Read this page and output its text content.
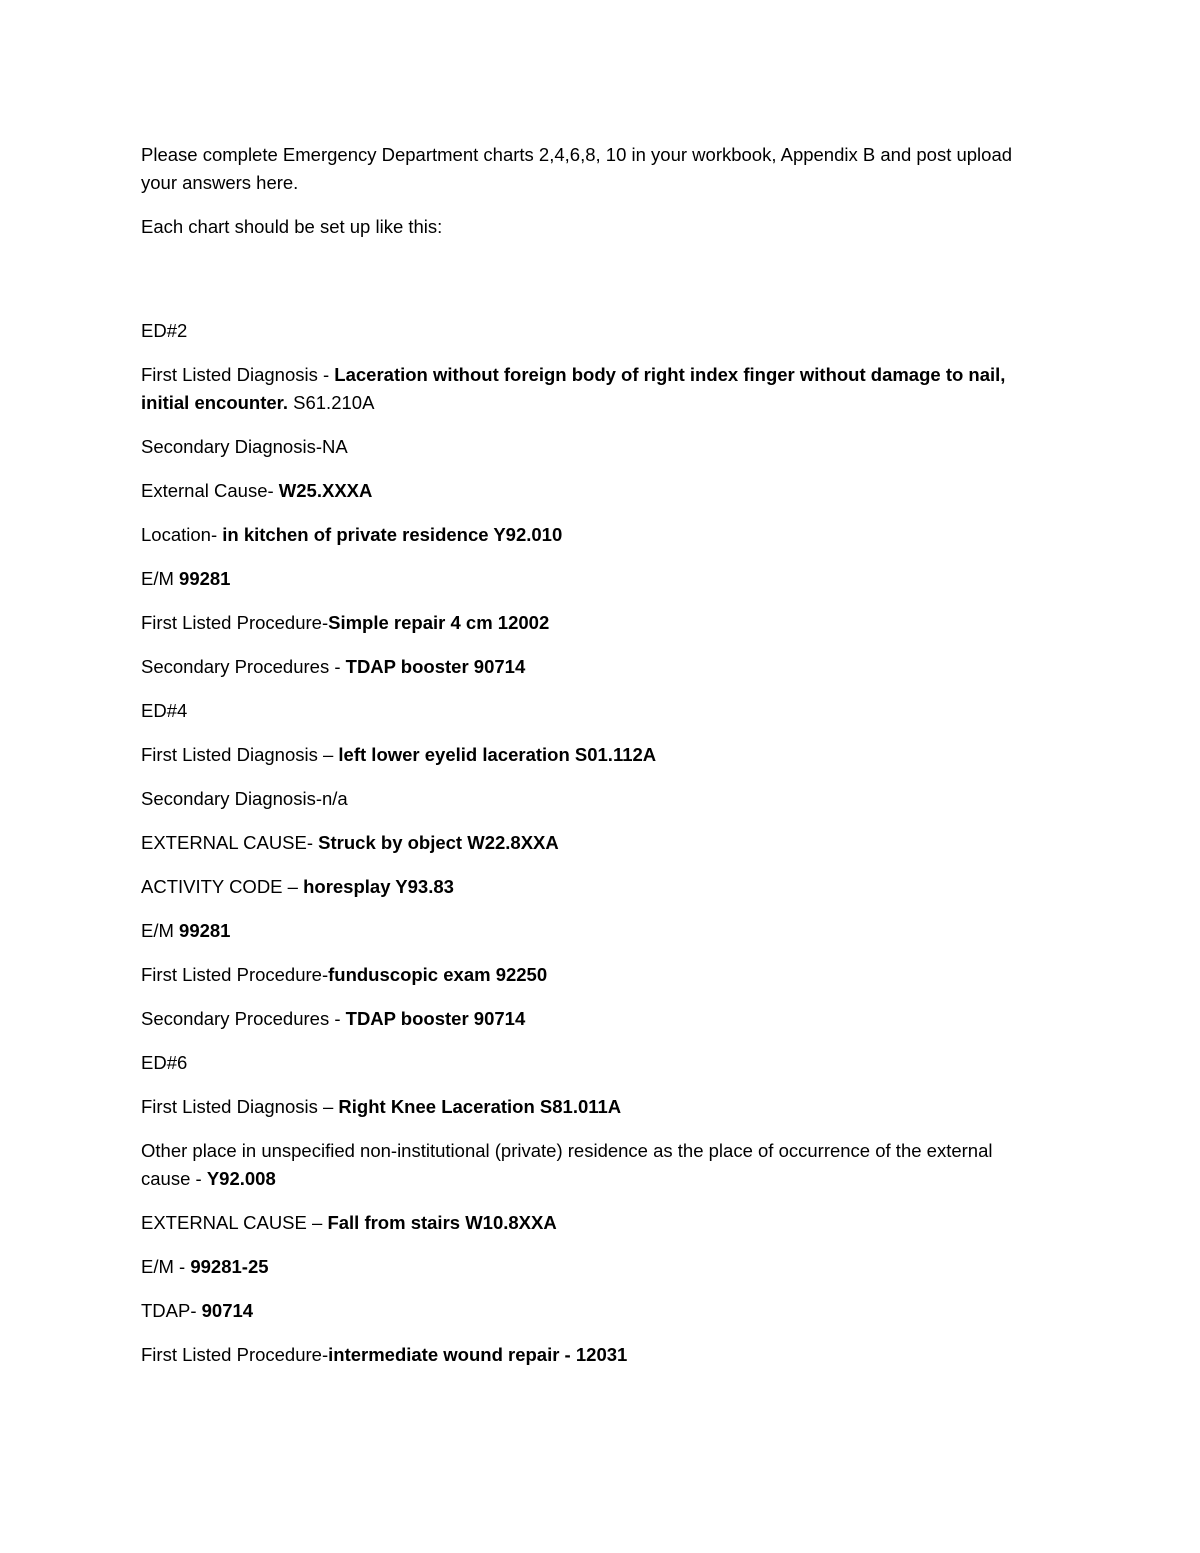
Please complete Emergency Department charts 2,4,6,8, 10 in your workbook, Appendix B and post upload your answers here.

Each chart should be set up like this:

ED#2

First Listed Diagnosis - Laceration without foreign body of right index finger without damage to nail, initial encounter. S61.210A

Secondary Diagnosis-NA

External Cause- W25.XXXA

Location- in kitchen of private residence Y92.010

E/M 99281

First Listed Procedure-Simple repair 4 cm 12002

Secondary Procedures - TDAP booster 90714

ED#4

First Listed Diagnosis – left lower eyelid laceration S01.112A

Secondary Diagnosis-n/a

EXTERNAL CAUSE- Struck by object W22.8XXA

ACTIVITY CODE – horesplay Y93.83

E/M 99281

First Listed Procedure-funduscopic exam 92250

Secondary Procedures - TDAP booster 90714

ED#6

First Listed Diagnosis – Right Knee Laceration S81.011A

Other place in unspecified non-institutional (private) residence as the place of occurrence of the external cause - Y92.008

EXTERNAL CAUSE – Fall from stairs W10.8XXA

E/M - 99281-25

TDAP- 90714

First Listed Procedure-intermediate wound repair - 12031
